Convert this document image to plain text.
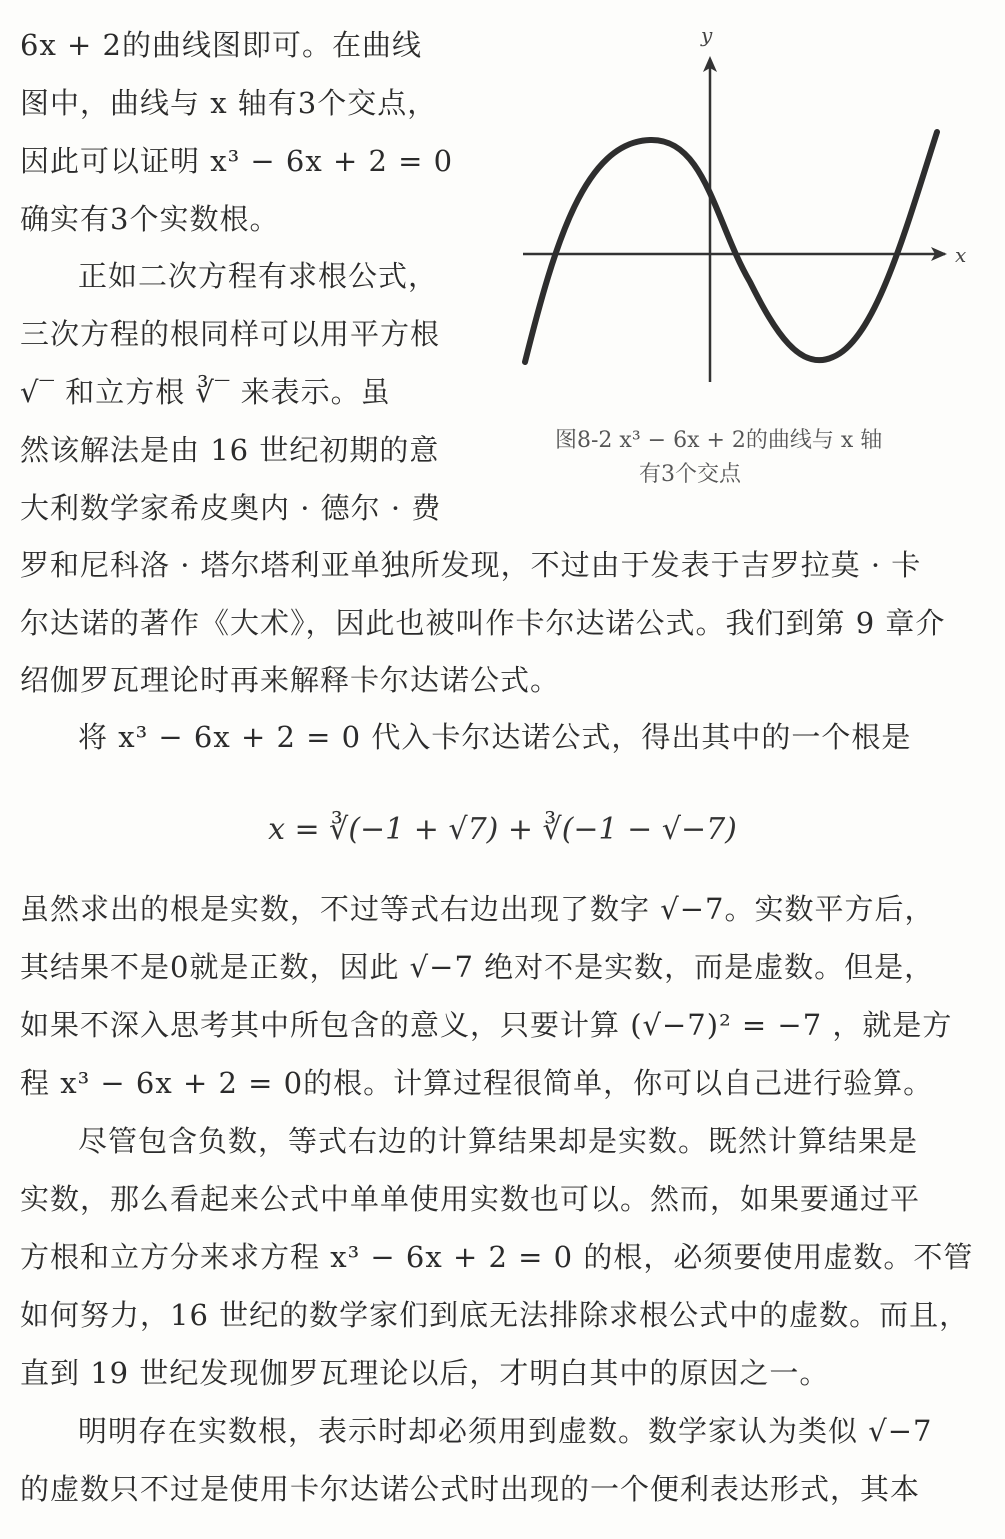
6x + 2的曲线图即可。在曲线
图中，曲线与 x 轴有3个交点，
因此可以证明 x³ − 6x + 2 = 0
确实有3个实数根。
正如二次方程有求根公式，
三次方程的根同样可以用平方根
√‾ 和立方根 ∛‾ 来表示。虽
然该解法是由 16 世纪初期的意
大利数学家希皮奥内 · 德尔 · 费
x
y
图8-2 x³ − 6x + 2的曲线与 x 轴
有3个交点
罗和尼科洛 · 塔尔塔利亚单独所发现，不过由于发表于吉罗拉莫 · 卡
尔达诺的著作《大术》，因此也被叫作卡尔达诺公式。我们到第 9 章介
绍伽罗瓦理论时再来解释卡尔达诺公式。
将 x³ − 6x + 2 = 0 代入卡尔达诺公式，得出其中的一个根是
x = ∛(−1 + √7) + ∛(−1 − √−7)
虽然求出的根是实数，不过等式右边出现了数字 √−7。实数平方后，
其结果不是0就是正数，因此 √−7 绝对不是实数，而是虚数。但是，
如果不深入思考其中所包含的意义，只要计算 (√−7)² = −7 ，就是方
程 x³ − 6x + 2 = 0的根。计算过程很简单，你可以自己进行验算。
尽管包含负数，等式右边的计算结果却是实数。既然计算结果是
实数，那么看起来公式中单单使用实数也可以。然而，如果要通过平
方根和立方分来求方程 x³ − 6x + 2 = 0 的根，必须要使用虚数。不管
如何努力，16 世纪的数学家们到底无法排除求根公式中的虚数。而且，
直到 19 世纪发现伽罗瓦理论以后，才明白其中的原因之一。
明明存在实数根，表示时却必须用到虚数。数学家认为类似 √−7
的虚数只不过是使用卡尔达诺公式时出现的一个便利表达形式，其本
